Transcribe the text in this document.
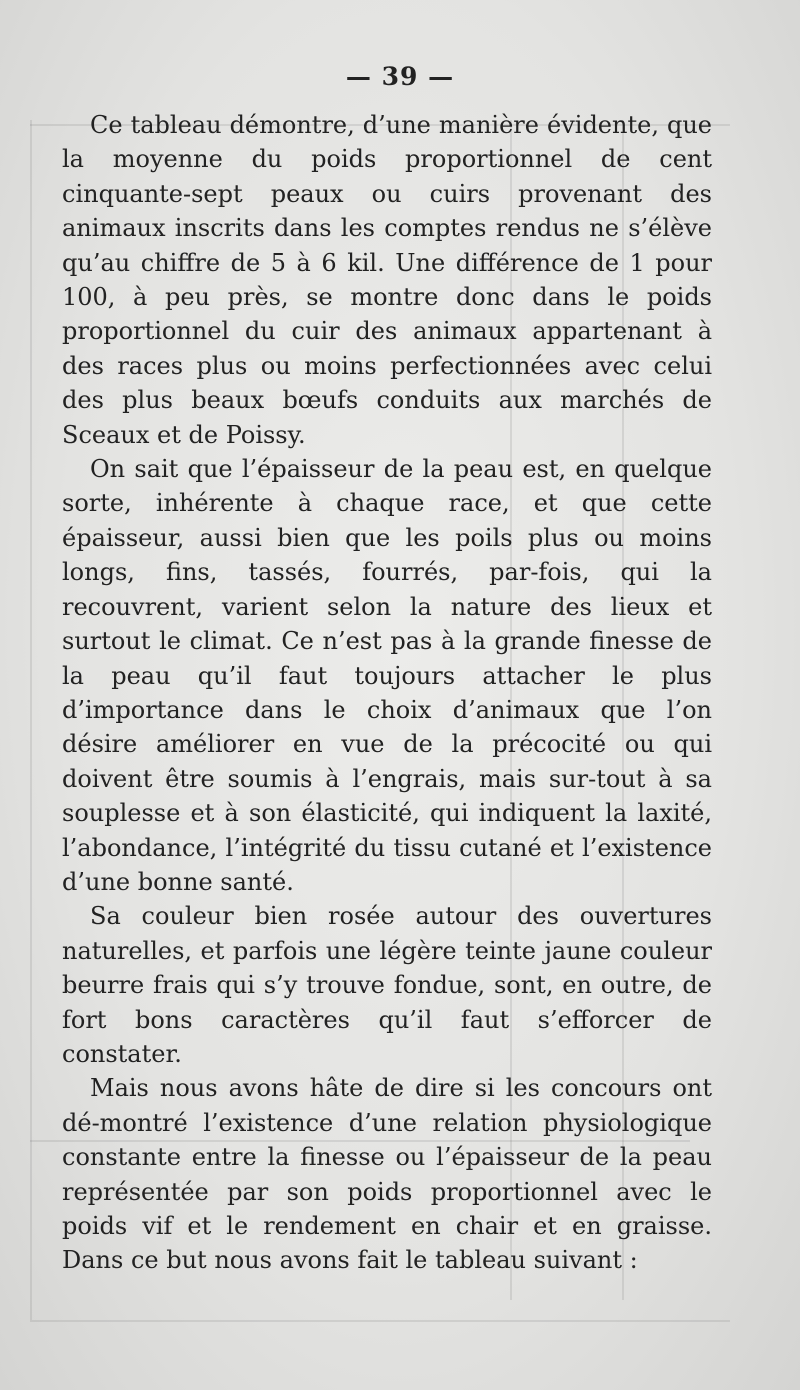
— 39 —

Ce tableau démontre, d’une manière évidente, que la moyenne du poids proportionnel de cent cinquante-sept peaux ou cuirs provenant des animaux inscrits dans les comptes rendus ne s’élève qu’au chiffre de 5 à 6 kil. Une différence de 1 pour 100, à peu près, se montre donc dans le poids proportionnel du cuir des animaux appartenant à des races plus ou moins perfectionnées avec celui des plus beaux bœufs conduits aux marchés de Sceaux et de Poissy.

On sait que l’épaisseur de la peau est, en quelque sorte, inhérente à chaque race, et que cette épaisseur, aussi bien que les poils plus ou moins longs, fins, tassés, fourrés, par-fois, qui la recouvrent, varient selon la nature des lieux et surtout le climat. Ce n’est pas à la grande finesse de la peau qu’il faut toujours attacher le plus d’importance dans le choix d’animaux que l’on désire améliorer en vue de la précocité ou qui doivent être soumis à l’engrais, mais sur-tout à sa souplesse et à son élasticité, qui indiquent la laxité, l’abondance, l’intégrité du tissu cutané et l’existence d’une bonne santé.

Sa couleur bien rosée autour des ouvertures naturelles, et parfois une légère teinte jaune couleur beurre frais qui s’y trouve fondue, sont, en outre, de fort bons caractères qu’il faut s’efforcer de constater.

Mais nous avons hâte de dire si les concours ont dé-montré l’existence d’une relation physiologique constante entre la finesse ou l’épaisseur de la peau représentée par son poids proportionnel avec le poids vif et le rendement en chair et en graisse. Dans ce but nous avons fait le tableau suivant :
